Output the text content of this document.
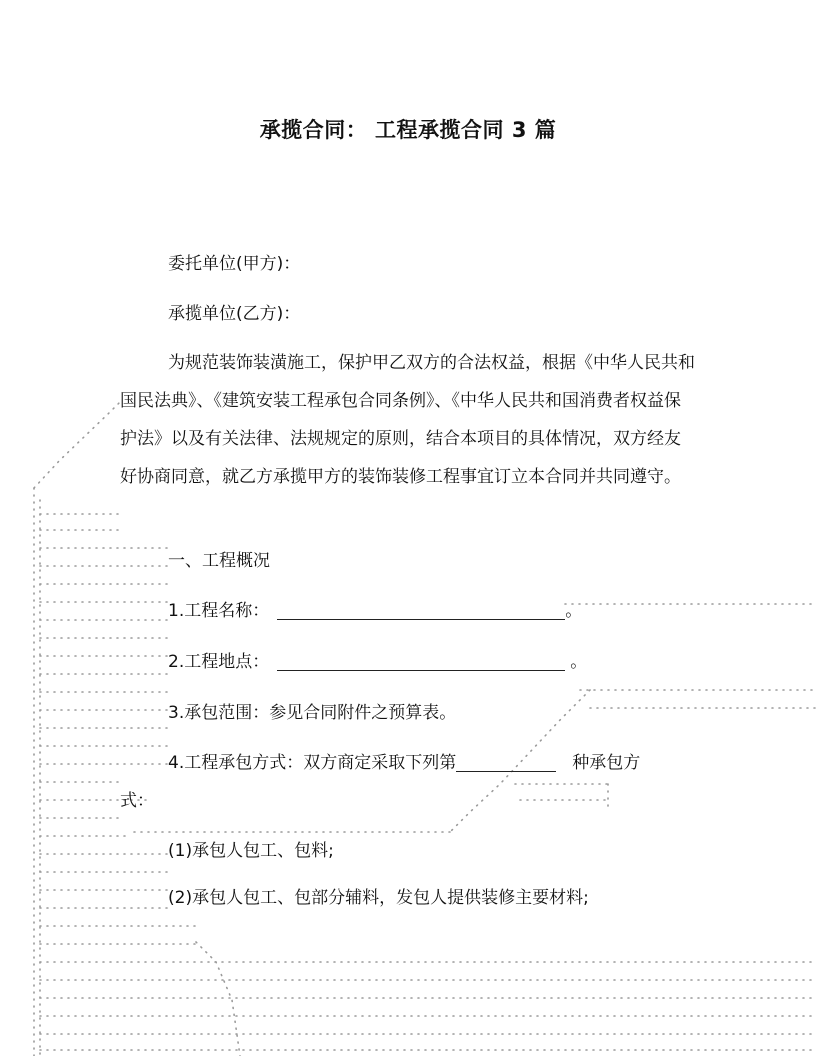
承揽合同： 工程承揽合同 3 篇
委托单位(甲方)：
承揽单位(乙方)：
为规范装饰装潢施工，保护甲乙双方的合法权益，根据《中华人民共和国民法典》、《建筑安装工程承包合同条例》、《中华人民共和国消费者权益保护法》以及有关法律、法规规定的原则，结合本项目的具体情况，双方经友好协商同意，就乙方承揽甲方的装饰装修工程事宜订立本合同并共同遵守。
一、工程概况
1.工程名称：	。
2.工程地点：	。
3.承包范围：参见合同附件之预算表。
4.工程承包方式：双方商定采取下列第	种承包方
式：
(1)承包人包工、包料;
(2)承包人包工、包部分辅料，发包人提供装修主要材料;
